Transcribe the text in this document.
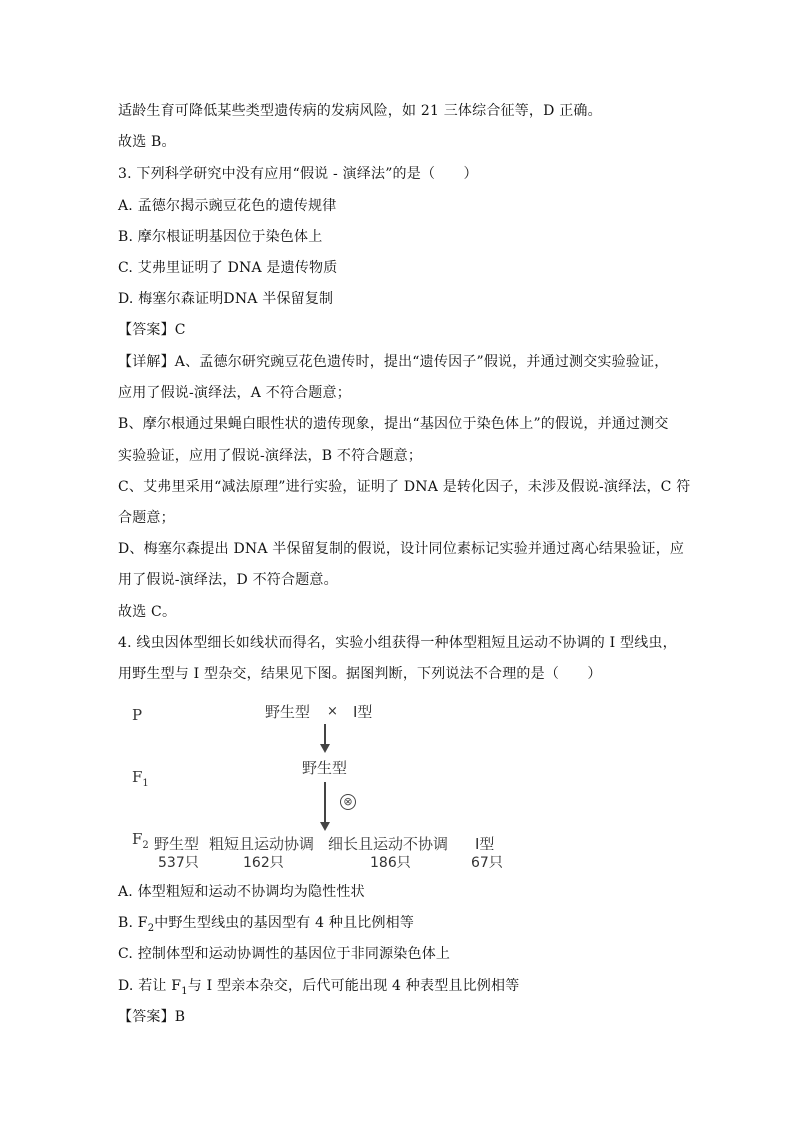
适龄生育可降低某些类型遗传病的发病风险，如 21 三体综合征等，D 正确。
故选 B。
3. 下列科学研究中没有应用“假说 - 演绎法”的是（　　）
A. 孟德尔揭示豌豆花色的遗传规律
B. 摩尔根证明基因位于染色体上
C. 艾弗里证明了 DNA 是遗传物质
D. 梅塞尔森证明DNA 半保留复制
【答案】C
【详解】A、孟德尔研究豌豆花色遗传时，提出“遗传因子”假说，并通过测交实验验证，
应用了假说-演绎法，A 不符合题意；
B、摩尔根通过果蝇白眼性状的遗传现象，提出“基因位于染色体上”的假说，并通过测交
实验验证，应用了假说-演绎法，B 不符合题意；
C、艾弗里采用“减法原理”进行实验，证明了 DNA 是转化因子，未涉及假说-演绎法，C 符
合题意；
D、梅塞尔森提出 DNA 半保留复制的假说，设计同位素标记实验并通过离心结果验证，应
用了假说-演绎法，D 不符合题意。
故选 C。
4. 线虫因体型细长如线状而得名，实验小组获得一种体型粗短且运动不协调的 I 型线虫，
用野生型与 I 型杂交，结果见下图。据图判断，下列说法不合理的是（　　）
P
$F_1$
$F_2$
野生型 × I型
野生型
⊗
野生型
537只
粗短且运动协调
162只
细长且运动不协调
186只
I型
67只
A. 体型粗短和运动不协调均为隐性性状
B. $F_2$中野生型线虫的基因型有 4 种且比例相等
C. 控制体型和运动协调性的基因位于非同源染色体上
D. 若让 $F_1$与 I 型亲本杂交，后代可能出现 4 种表型且比例相等
【答案】B
